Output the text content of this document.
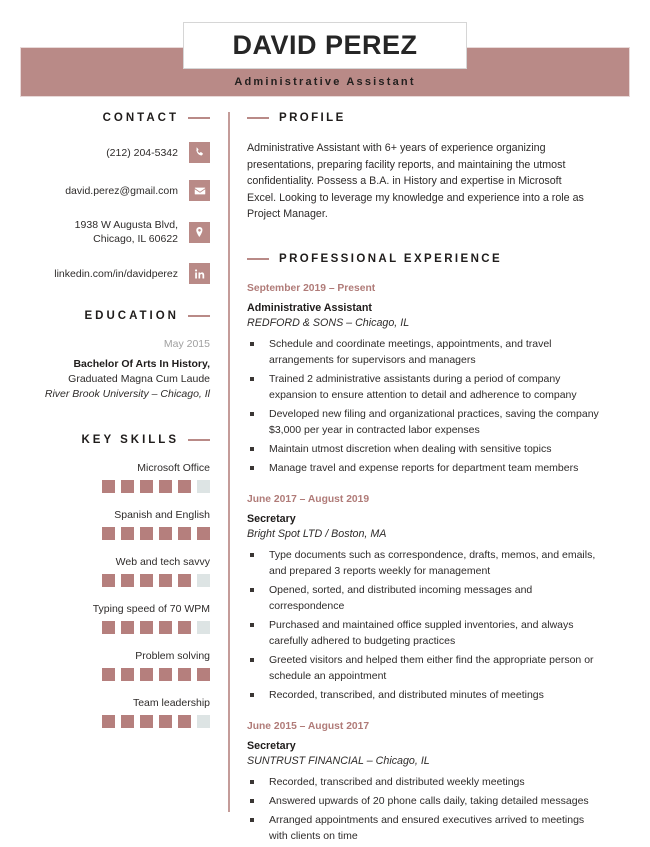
DAVID PEREZ
Administrative Assistant
CONTACT
(212) 204-5342
david.perez@gmail.com
1938 W Augusta Blvd,
Chicago, IL 60622
linkedin.com/in/davidperez
EDUCATION
May 2015
Bachelor Of Arts In History,
Graduated Magna Cum Laude
River Brook University – Chicago, Il
KEY SKILLS
Microsoft Office
Spanish and English
Web and tech savvy
Typing speed of 70 WPM
Problem solving
Team leadership
PROFILE
Administrative Assistant with 6+ years of experience organizing presentations, preparing facility reports, and maintaining the utmost confidentiality. Possess a B.A. in History and expertise in Microsoft Excel. Looking to leverage my knowledge and experience into a role as Project Manager.
PROFESSIONAL EXPERIENCE
September 2019 – Present
Administrative Assistant
REDFORD & SONS – Chicago, IL
Schedule and coordinate meetings, appointments, and travel arrangements for supervisors and managers
Trained 2 administrative assistants during a period of company expansion to ensure attention to detail and adherence to company
Developed new filing and organizational practices, saving the company $3,000 per year in contracted labor expenses
Maintain utmost discretion when dealing with sensitive topics
Manage travel and expense reports for department team members
June 2017 – August 2019
Secretary
Bright Spot LTD / Boston, MA
Type documents such as correspondence, drafts, memos, and emails, and prepared 3 reports weekly for management
Opened, sorted, and distributed incoming messages and correspondence
Purchased and maintained office suppled inventories, and always carefully adhered to budgeting practices
Greeted visitors and helped them either find the appropriate person or schedule an appointment
Recorded, transcribed, and distributed minutes of meetings
June 2015 – August 2017
Secretary
SUNTRUST FINANCIAL – Chicago, IL
Recorded, transcribed and distributed weekly meetings
Answered upwards of 20 phone calls daily, taking detailed messages
Arranged appointments and ensured executives arrived to meetings with clients on time
